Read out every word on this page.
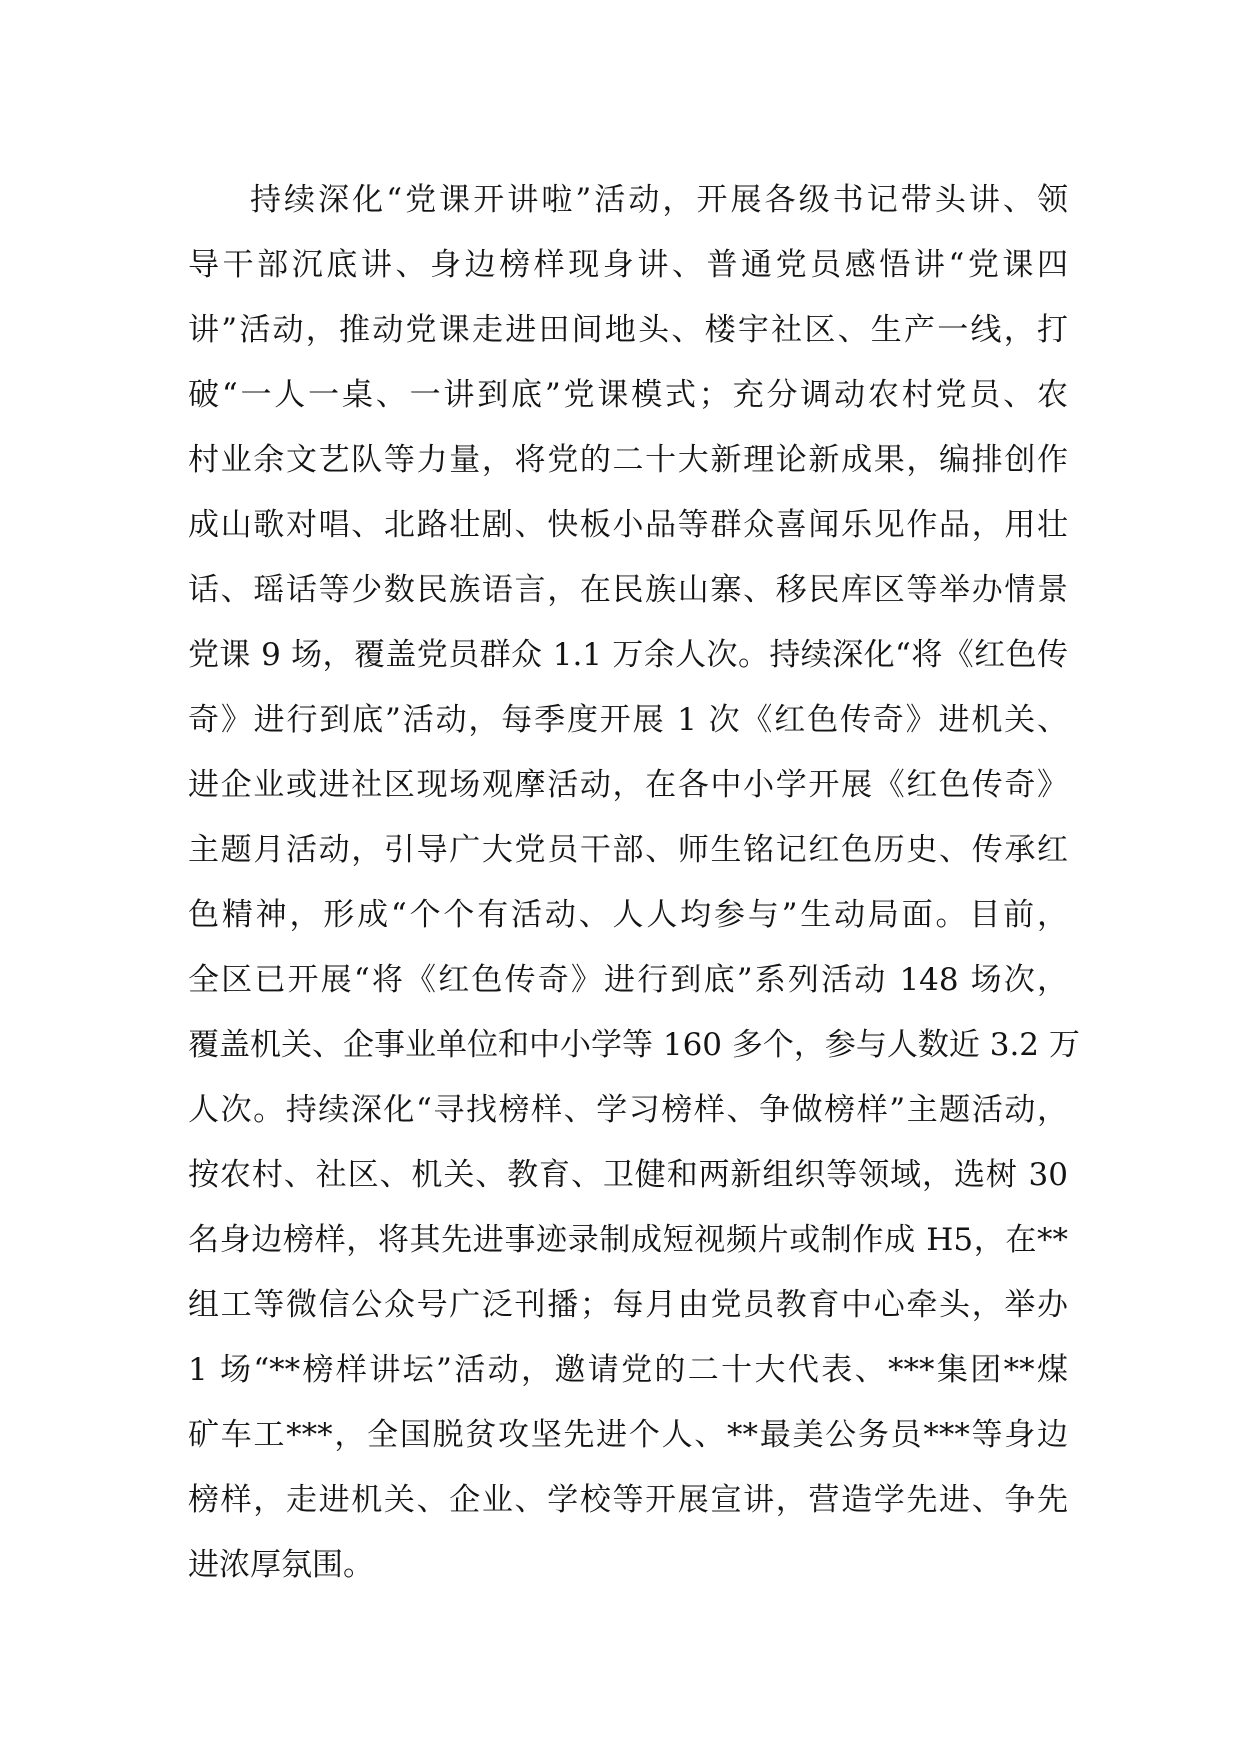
持续深化“党课开讲啦”活动，开展各级书记带头讲、领
导干部沉底讲、身边榜样现身讲、普通党员感悟讲“党课四
讲”活动，推动党课走进田间地头、楼宇社区、生产一线，打
破“一人一桌、一讲到底”党课模式；充分调动农村党员、农
村业余文艺队等力量，将党的二十大新理论新成果，编排创作
成山歌对唱、北路壮剧、快板小品等群众喜闻乐见作品，用壮
话、瑶话等少数民族语言，在民族山寨、移民库区等举办情景
党课 9 场，覆盖党员群众 1.1 万余人次。持续深化“将《红色传
奇》进行到底”活动，每季度开展 1 次《红色传奇》进机关、
进企业或进社区现场观摩活动，在各中小学开展《红色传奇》
主题月活动，引导广大党员干部、师生铭记红色历史、传承红
色精神，形成“个个有活动、人人均参与”生动局面。目前，
全区已开展“将《红色传奇》进行到底”系列活动 148 场次，
覆盖机关、企事业单位和中小学等 160 多个，参与人数近 3.2 万
人次。持续深化“寻找榜样、学习榜样、争做榜样”主题活动，
按农村、社区、机关、教育、卫健和两新组织等领域，选树 30
名身边榜样，将其先进事迹录制成短视频片或制作成 H5，在**
组工等微信公众号广泛刊播；每月由党员教育中心牵头，举办
1 场“**榜样讲坛”活动，邀请党的二十大代表、***集团**煤
矿车工***，全国脱贫攻坚先进个人、**最美公务员***等身边
榜样，走进机关、企业、学校等开展宣讲，营造学先进、争先
进浓厚氛围。
